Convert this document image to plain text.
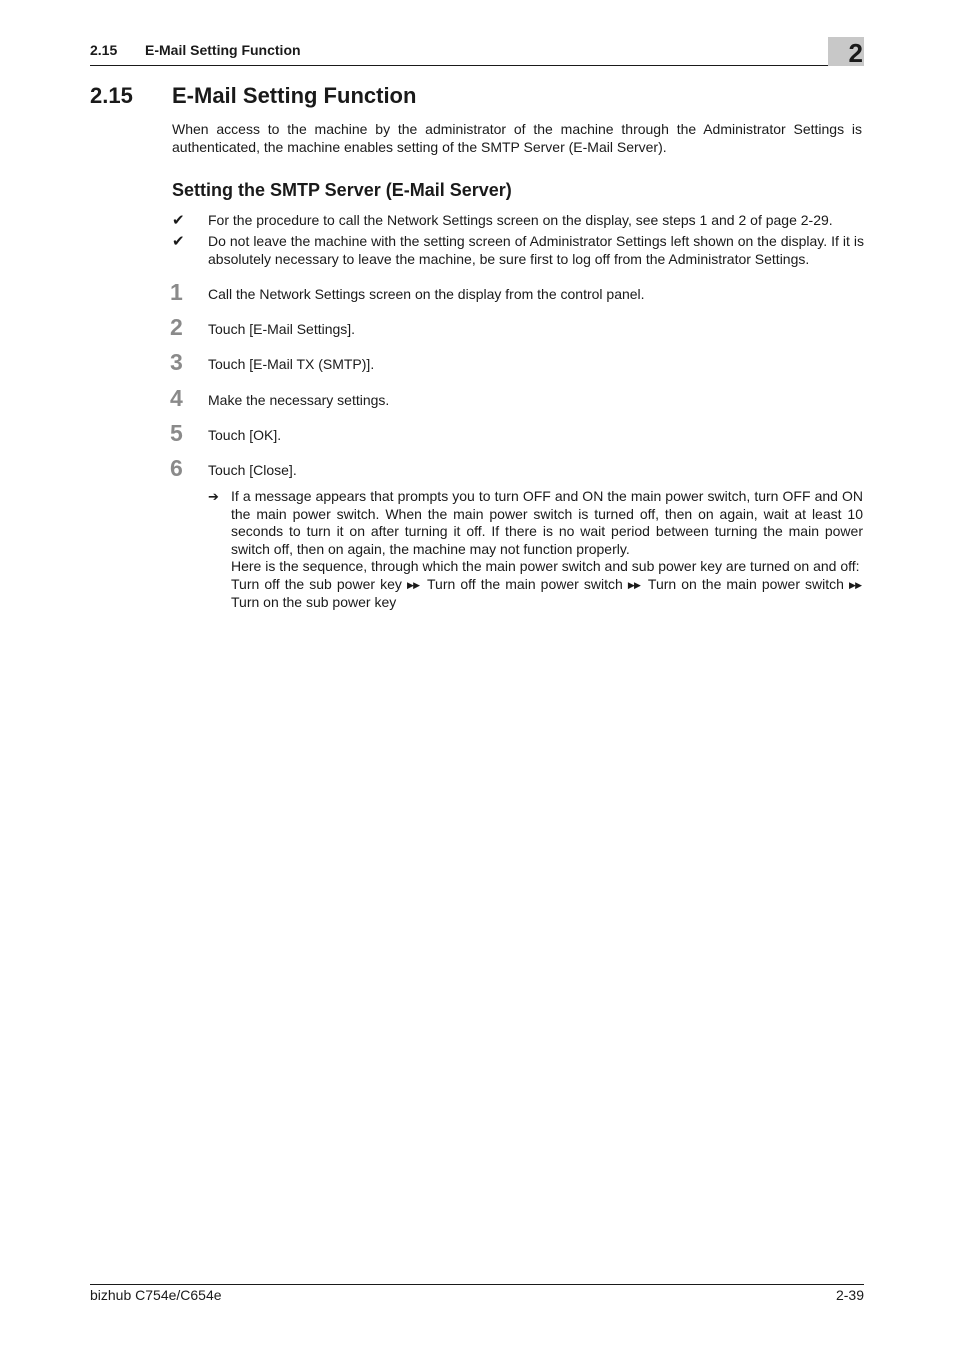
2.15 E-Mail Setting Function	2
2.15 E-Mail Setting Function
When access to the machine by the administrator of the machine through the Administrator Settings is authenticated, the machine enables setting of the SMTP Server (E-Mail Server).
Setting the SMTP Server (E-Mail Server)
✔ For the procedure to call the Network Settings screen on the display, see steps 1 and 2 of page 2-29.
✔ Do not leave the machine with the setting screen of Administrator Settings left shown on the display. If it is absolutely necessary to leave the machine, be sure first to log off from the Administrator Settings.
1 Call the Network Settings screen on the display from the control panel.
2 Touch [E-Mail Settings].
3 Touch [E-Mail TX (SMTP)].
4 Make the necessary settings.
5 Touch [OK].
6 Touch [Close].
➔ If a message appears that prompts you to turn OFF and ON the main power switch, turn OFF and ON the main power switch. When the main power switch is turned off, then on again, wait at least 10 seconds to turn it on after turning it off. If there is no wait period between turning the main power switch off, then on again, the machine may not function properly.
Here is the sequence, through which the main power switch and sub power key are turned on and off:
Turn off the sub power key ▶▶ Turn off the main power switch ▶▶ Turn on the main power switch ▶▶
Turn on the sub power key
bizhub C754e/C654e	2-39
